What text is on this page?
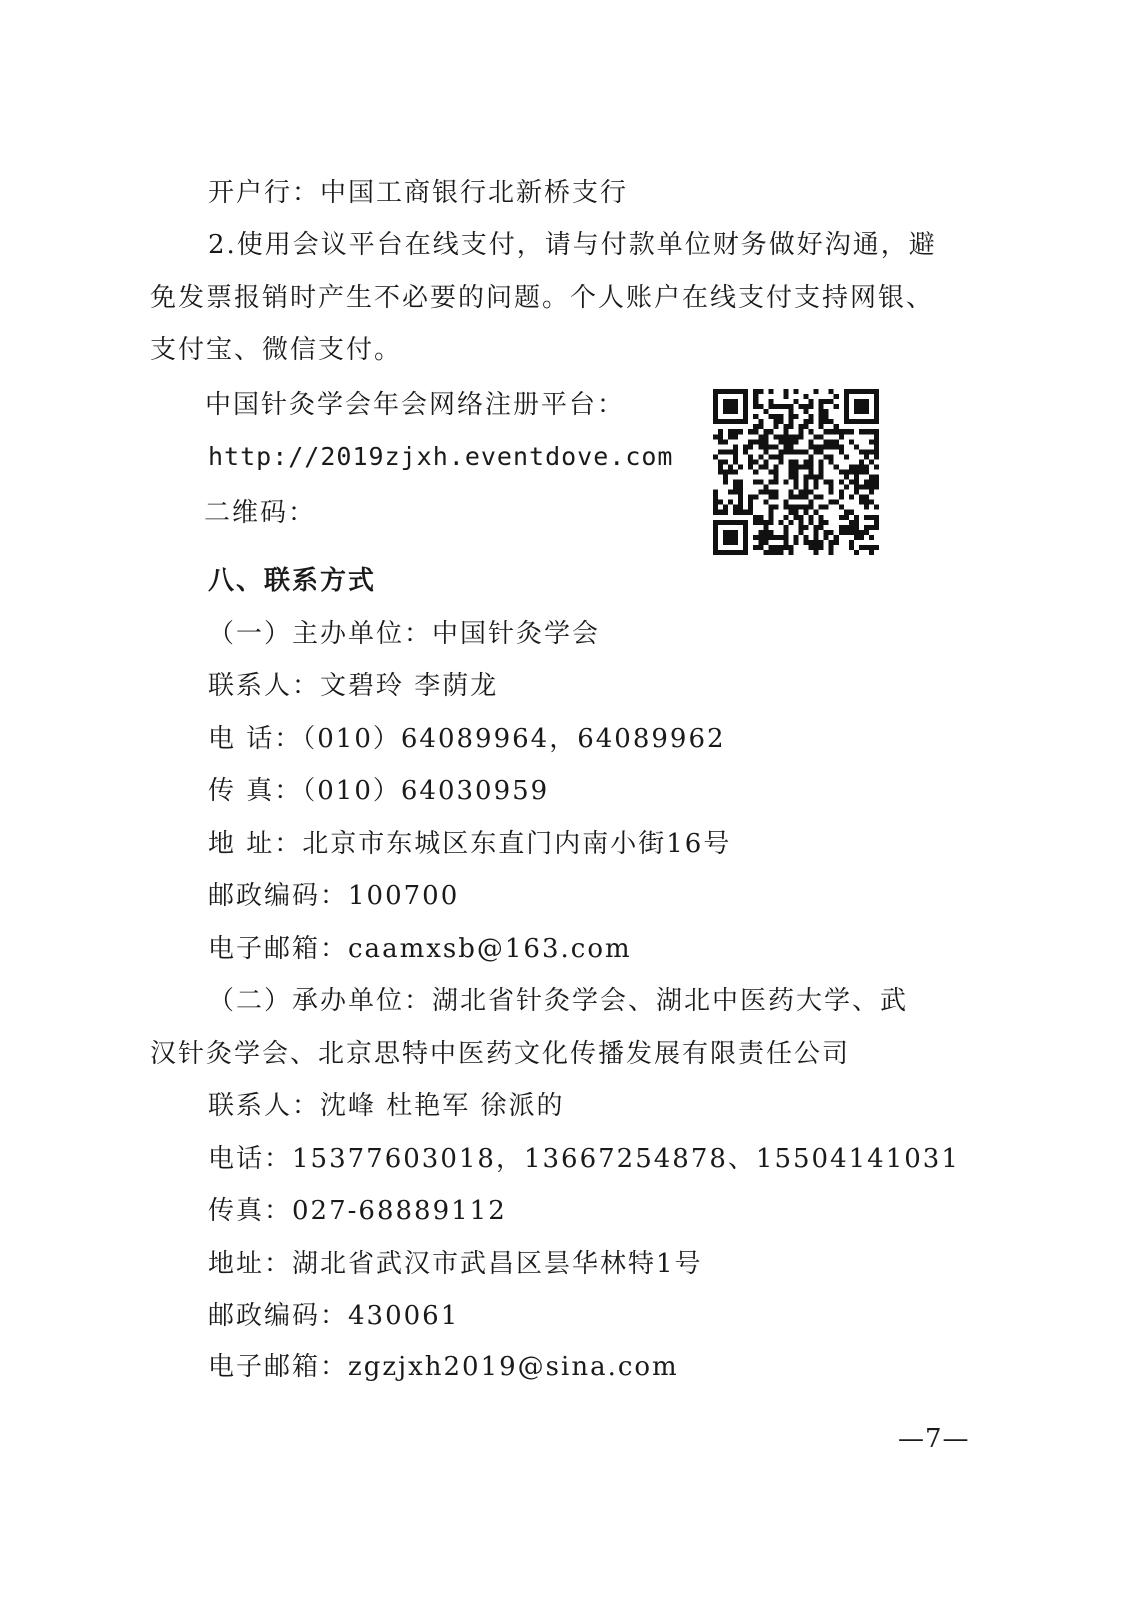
开户行：中国工商银行北新桥支行
2.使用会议平台在线支付，请与付款单位财务做好沟通，避
免发票报销时产生不必要的问题。个人账户在线支付支持网银、
支付宝、微信支付。
中国针灸学会年会网络注册平台：
http://2019zjxh.eventdove.com
二维码：
八、联系方式
（一）主办单位：中国针灸学会
联系人：文碧玲 李荫龙
电 话：（010）64089964，64089962
传 真：（010）64030959
地 址：北京市东城区东直门内南小街16号
邮政编码：100700
电子邮箱：caamxsb@163.com
（二）承办单位：湖北省针灸学会、湖北中医药大学、武
汉针灸学会、北京思特中医药文化传播发展有限责任公司
联系人：沈峰 杜艳军 徐派的
电话：15377603018，13667254878、15504141031
传真：027-68889112
地址：湖北省武汉市武昌区昙华林特1号
邮政编码：430061
电子邮箱：zgzjxh2019@sina.com
—7—
